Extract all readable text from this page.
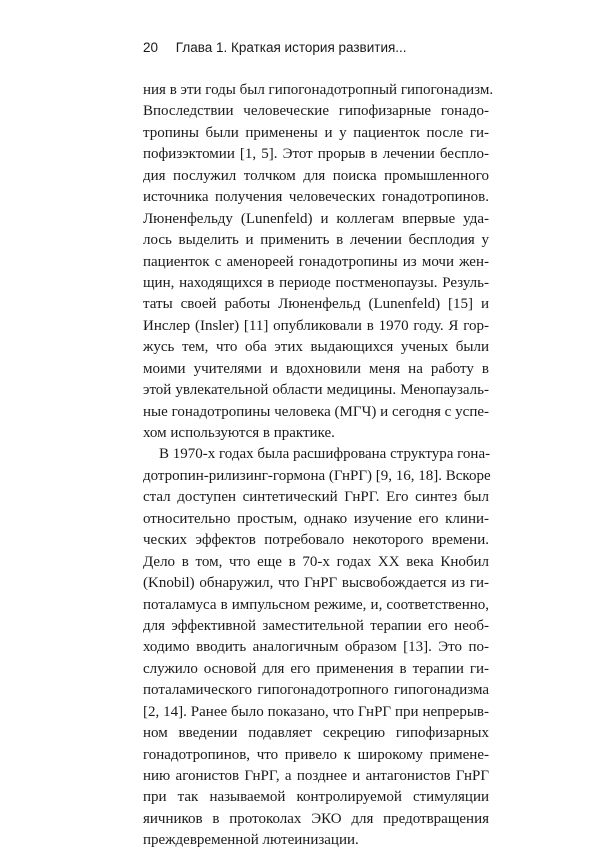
20 Глава 1. Краткая история развития...
ния в эти годы был гипогонадотропный гипогонадизм.
Впоследствии человеческие гипофизарные гонадо-
тропины были применены и у пациенток после ги-
пофизэктомии [1, 5]. Этот прорыв в лечении беспло-
дия послужил толчком для поиска промышленного
источника получения человеческих гонадотропинов.
Люненфельду (Lunenfeld) и коллегам впервые уда-
лось выделить и применить в лечении бесплодия у
пациенток с аменореей гонадотропины из мочи жен-
щин, находящихся в периоде постменопаузы. Резуль-
таты своей работы Люненфельд (Lunenfeld) [15] и
Инслер (Insler) [11] опубликовали в 1970 году. Я гор-
жусь тем, что оба этих выдающихся ученых были
моими учителями и вдохновили меня на работу в
этой увлекательной области медицины. Менопаузаль-
ные гонадотропины человека (МГЧ) и сегодня с успе-
хом используются в практике.
В 1970-х годах была расшифрована структура гона-
дотропин-рилизинг-гормона (ГнРГ) [9, 16, 18]. Вскоре
стал доступен синтетический ГнРГ. Его синтез был
относительно простым, однако изучение его клини-
ческих эффектов потребовало некоторого времени.
Дело в том, что еще в 70-х годах XX века Кнобил
(Knobil) обнаружил, что ГнРГ высвобождается из ги-
поталамуса в импульсном режиме, и, соответственно,
для эффективной заместительной терапии его необ-
ходимо вводить аналогичным образом [13]. Это по-
служило основой для его применения в терапии ги-
поталамического гипогонадотропного гипогонадизма
[2, 14]. Ранее было показано, что ГнРГ при непрерыв-
ном введении подавляет секрецию гипофизарных
гонадотропинов, что привело к широкому примене-
нию агонистов ГнРГ, а позднее и антагонистов ГнРГ
при так называемой контролируемой стимуляции
яичников в протоколах ЭКО для предотвращения
преждевременной лютеинизации.
